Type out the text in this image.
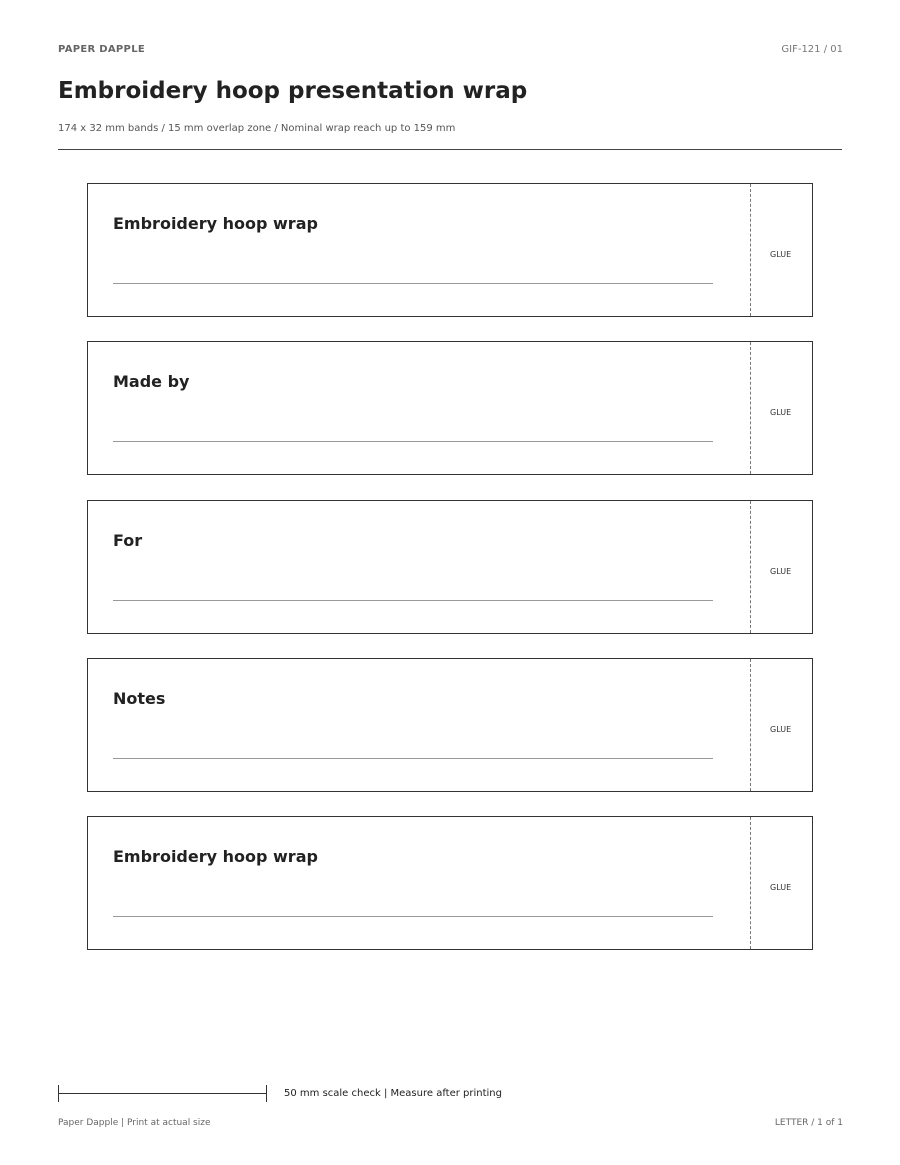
PAPER DAPPLE	GIF-121 / 01
Embroidery hoop presentation wrap
174 x 32 mm bands / 15 mm overlap zone / Nominal wrap reach up to 159 mm
Embroidery hoop wrap
GLUE
Made by
GLUE
For
GLUE
Notes
GLUE
Embroidery hoop wrap
GLUE
50 mm scale check | Measure after printing
Paper Dapple | Print at actual size	LETTER / 1 of 1
